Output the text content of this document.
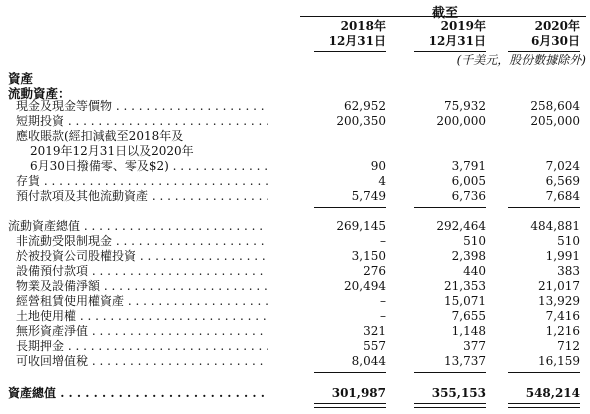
截至
2018年
12月31日
2019年
12月31日
2020年
6月30日
(千美元，股份數據除外)
資產
流動資產：
現金及現金等價物 . . .	62,952	75,932	258,604
短期投資 . . .	200,350	200,000	205,000
應收賬款(經扣減截至2018年及
2019年12月31日以及2020年
6月30日撥備零、零及$2) . . .	90	3,791	7,024
存貨 . . .	4	6,005	6,569
預付款項及其他流動資產 . . .	5,749	6,736	7,684
流動資產總值 . . .	269,145	292,464	484,881
非流動受限制現金 . . .	–	510	510
於被投資公司股權投資 . . .	3,150	2,398	1,991
設備預付款項 . . .	276	440	383
物業及設備淨額 . . .	20,494	21,353	21,017
經營租賃使用權資產 . . .	–	15,071	13,929
土地使用權 . . .	–	7,655	7,416
無形資產淨值 . . .	321	1,148	1,216
長期押金 . . .	557	377	712
可收回增值稅 . . .	8,044	13,737	16,159
資產總值 . . .	301,987	355,153	548,214
